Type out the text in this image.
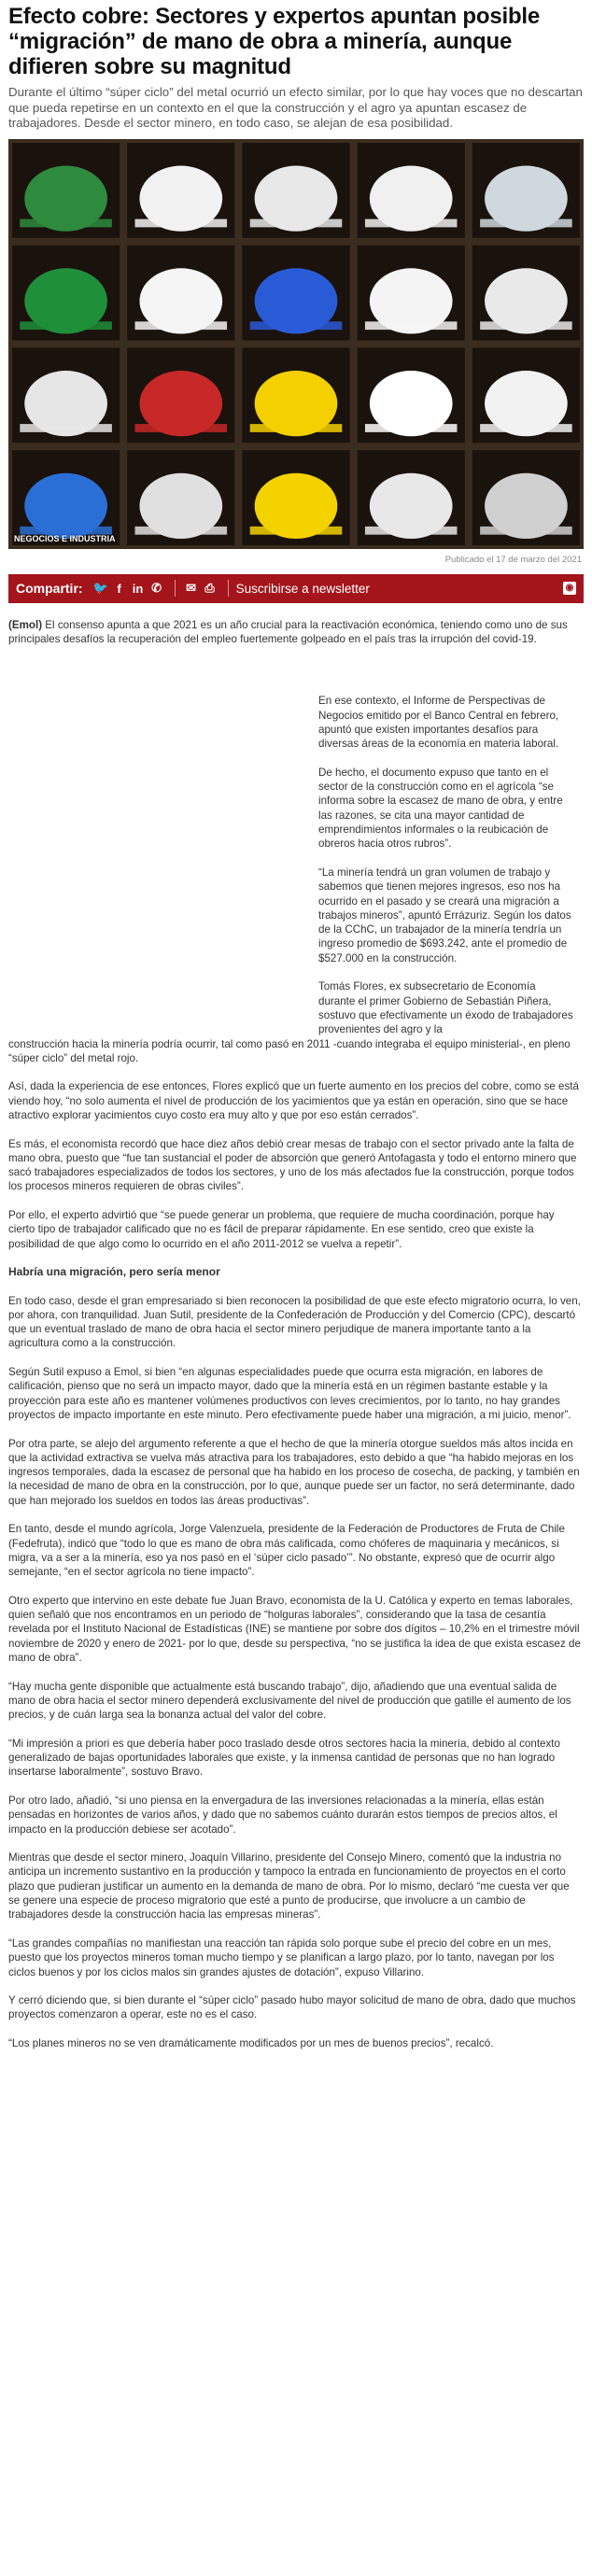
Efecto cobre: Sectores y expertos apuntan posible “migración” de mano de obra a minería, aunque difieren sobre su magnitud

Durante el último “súper ciclo” del metal ocurrió un efecto similar, por lo que hay voces que no descartan que pueda repetirse en un contexto en el que la construcción y el agro ya apuntan escasez de trabajadores. Desde el sector minero, en todo caso, se alejan de esa posibilidad.

NEGOCIOS E INDUSTRIA
Publicado el 17 de marzo del 2021
Compartir: 🐦 f in ✆ ✉ ⎙ Suscribirse a newsletter	◉

(Emol) El consenso apunta a que 2021 es un año crucial para la reactivación económica, teniendo como uno de sus principales desafíos la recuperación del empleo fuertemente golpeado en el país tras la irrupción del covid-19.

En ese contexto, el Informe de Perspectivas de Negocios emitido por el Banco Central en febrero, apuntó que existen importantes desafíos para diversas áreas de la economía en materia laboral.

De hecho, el documento expuso que tanto en el sector de la construcción como en el agrícola “se informa sobre la escasez de mano de obra, y entre las razones, se cita una mayor cantidad de emprendimientos informales o la reubicación de obreros hacia otros rubros”.

“La minería tendrá un gran volumen de trabajo y sabemos que tienen mejores ingresos, eso nos ha ocurrido en el pasado y se creará una migración a trabajos mineros”, apuntó Errázuriz. Según los datos de la CChC, un trabajador de la minería tendría un ingreso promedio de $693.242, ante el promedio de $527.000 en la construcción.

Tomás Flores, ex subsecretario de Economía durante el primer Gobierno de Sebastián Piñera, sostuvo que efectivamente un éxodo de trabajadores provenientes del agro y la

construcción hacia la minería podría ocurrir, tal como pasó en 2011 -cuando integraba el equipo ministerial-, en pleno “súper ciclo” del metal rojo.

Así, dada la experiencia de ese entonces, Flores explicó que un fuerte aumento en los precios del cobre, como se está viendo hoy, “no solo aumenta el nivel de producción de los yacimientos que ya están en operación, sino que se hace atractivo explorar yacimientos cuyo costo era muy alto y que por eso están cerrados”.

Es más, el economista recordó que hace diez años debió crear mesas de trabajo con el sector privado ante la falta de mano obra, puesto que “fue tan sustancial el poder de absorción que generó Antofagasta y todo el entorno minero que sacó trabajadores especializados de todos los sectores, y uno de los más afectados fue la construcción, porque todos los procesos mineros requieren de obras civiles”.

Por ello, el experto advirtió que “se puede generar un problema, que requiere de mucha coordinación, porque hay cierto tipo de trabajador calificado que no es fácil de preparar rápidamente. En ese sentido, creo que existe la posibilidad de que algo como lo ocurrido en el año 2011-2012 se vuelva a repetir”.

Habría una migración, pero sería menor

En todo caso, desde el gran empresariado si bien reconocen la posibilidad de que este efecto migratorio ocurra, lo ven, por ahora, con tranquilidad. Juan Sutil, presidente de la Confederación de Producción y del Comercio (CPC), descartó que un eventual traslado de mano de obra hacia el sector minero perjudique de manera importante tanto a la agricultura como a la construcción.

Según Sutil expuso a Emol, si bien “en algunas especialidades puede que ocurra esta migración, en labores de calificación, pienso que no será un impacto mayor, dado que la minería está en un régimen bastante estable y la proyección para este año es mantener volúmenes productivos con leves crecimientos, por lo tanto, no hay grandes proyectos de impacto importante en este minuto. Pero efectivamente puede haber una migración, a mi juicio, menor”.

Por otra parte, se alejo del argumento referente a que el hecho de que la minería otorgue sueldos más altos incida en que la actividad extractiva se vuelva más atractiva para los trabajadores, esto debido a que “ha habido mejoras en los ingresos temporales, dada la escasez de personal que ha habido en los proceso de cosecha, de packing, y también en la necesidad de mano de obra en la construcción, por lo que, aunque puede ser un factor, no será determinante, dado que han mejorado los sueldos en todos las áreas productivas”.

En tanto, desde el mundo agrícola, Jorge Valenzuela, presidente de la Federación de Productores de Fruta de Chile (Fedefruta), indicó que “todo lo que es mano de obra más calificada, como chóferes de maquinaria y mecánicos, si migra, va a ser a la minería, eso ya nos pasó en el ‘súper ciclo pasado’”. No obstante, expresó que de ocurrir algo semejante, “en el sector agrícola no tiene impacto”.

Otro experto que intervino en este debate fue Juan Bravo, economista de la U. Católica y experto en temas laborales, quien señaló que nos encontramos en un periodo de “holguras laborales”, considerando que la tasa de cesantía revelada por el Instituto Nacional de Estadísticas (INE) se mantiene por sobre dos dígitos – 10,2% en el trimestre móvil noviembre de 2020 y enero de 2021- por lo que, desde su perspectiva, “no se justifica la idea de que exista escasez de mano de obra”.

“Hay mucha gente disponible que actualmente está buscando trabajo”, dijo, añadiendo que una eventual salida de mano de obra hacia el sector minero dependerá exclusivamente del nivel de producción que gatille el aumento de los precios, y de cuán larga sea la bonanza actual del valor del cobre.

“Mi impresión a priori es que debería haber poco traslado desde otros sectores hacia la minería, debido al contexto generalizado de bajas oportunidades laborales que existe, y la inmensa cantidad de personas que no han logrado insertarse laboralmente”, sostuvo Bravo.

Por otro lado, añadió, “si uno piensa en la envergadura de las inversiones relacionadas a la minería, ellas están pensadas en horizontes de varios años, y dado que no sabemos cuánto durarán estos tiempos de precios altos, el impacto en la producción debiese ser acotado”.

Mientras que desde el sector minero, Joaquín Villarino, presidente del Consejo Minero, comentó que la industria no anticipa un incremento sustantivo en la producción y tampoco la entrada en funcionamiento de proyectos en el corto plazo que pudieran justificar un aumento en la demanda de mano de obra. Por lo mismo, declaró “me cuesta ver que se genere una especie de proceso migratorio que esté a punto de producirse, que involucre a un cambio de trabajadores desde la construcción hacia las empresas mineras”.

“Las grandes compañías no manifiestan una reacción tan rápida solo porque sube el precio del cobre en un mes, puesto que los proyectos mineros toman mucho tiempo y se planifican a largo plazo, por lo tanto, navegan por los ciclos buenos y por los ciclos malos sin grandes ajustes de dotación”, expuso Villarino.

Y cerró diciendo que, si bien durante el “súper ciclo” pasado hubo mayor solicitud de mano de obra, dado que muchos proyectos comenzaron a operar, este no es el caso.

“Los planes mineros no se ven dramáticamente modificados por un mes de buenos precios”, recalcó.
